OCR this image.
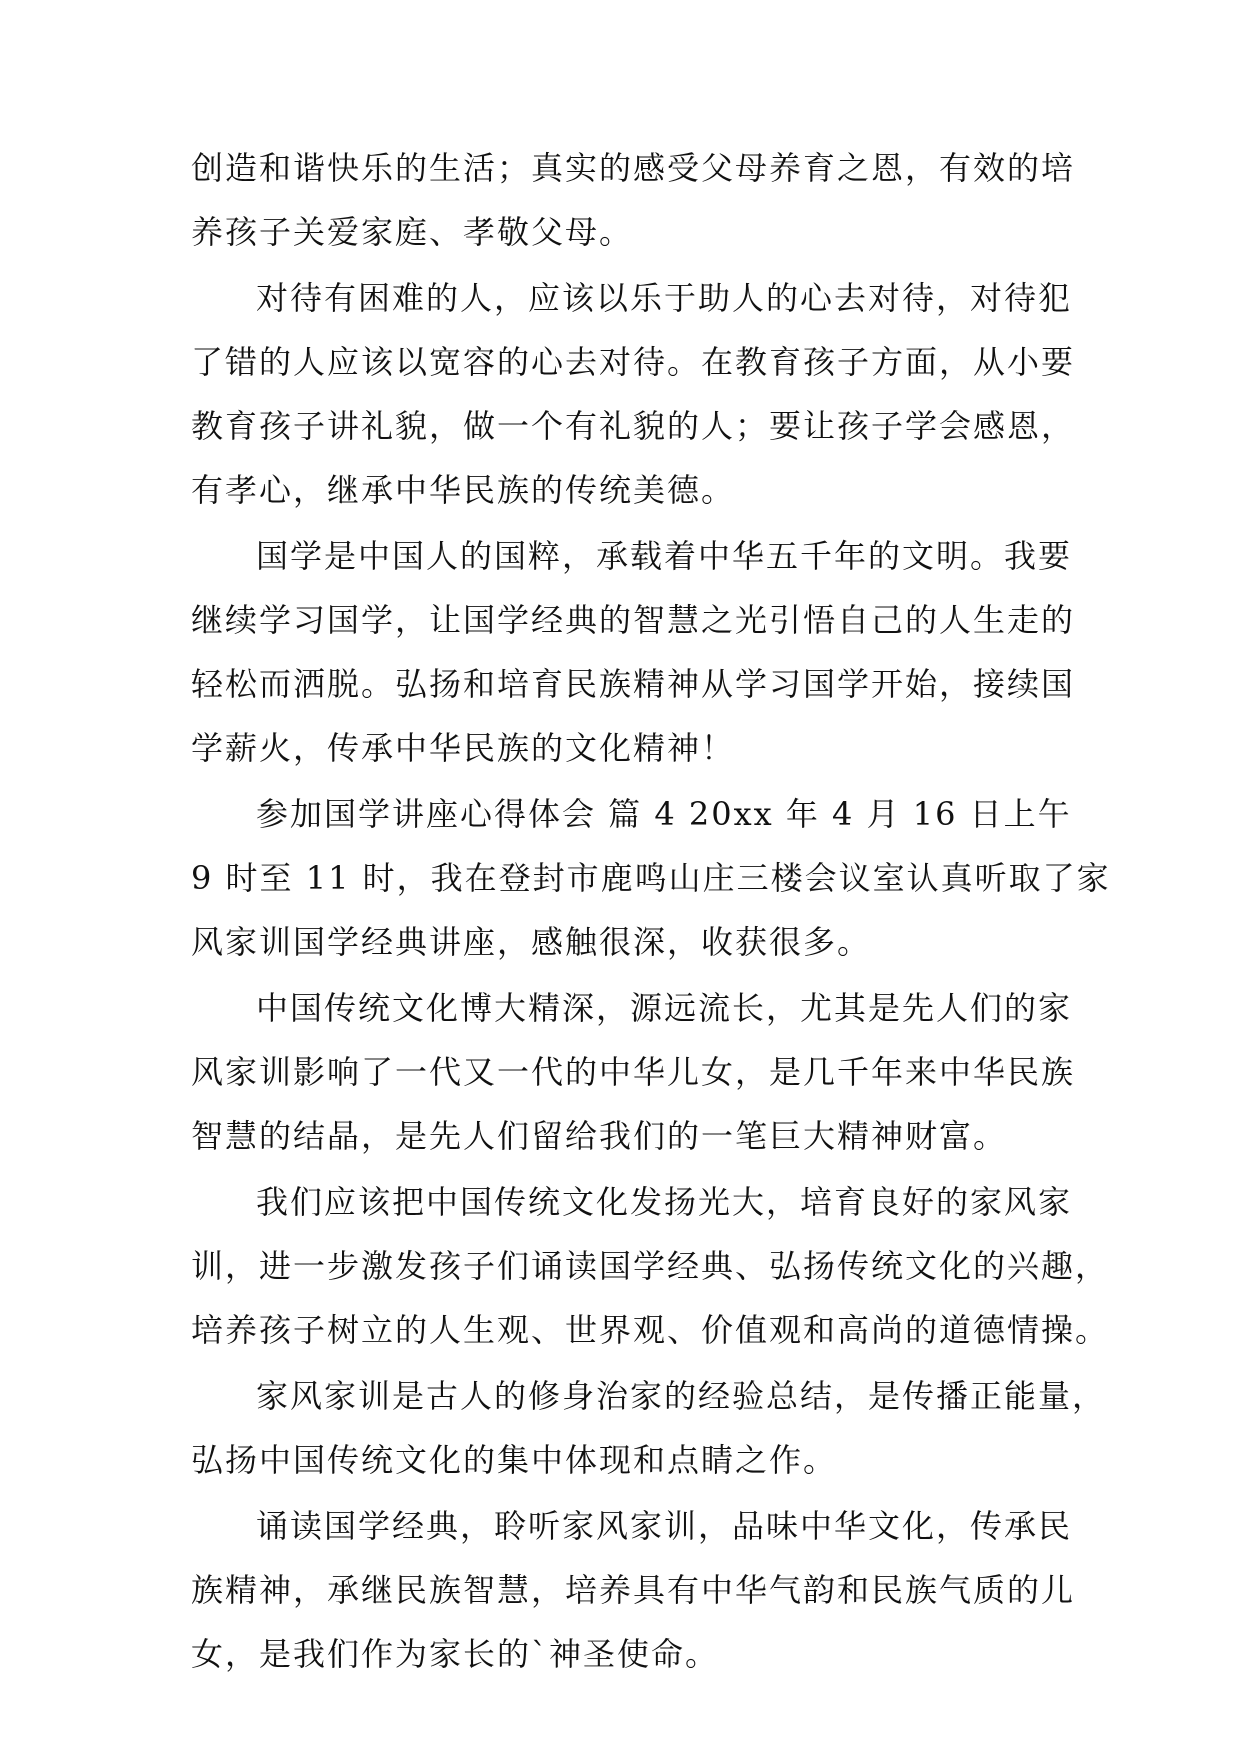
创造和谐快乐的生活；真实的感受父母养育之恩，有效的培
养孩子关爱家庭、孝敬父母。
对待有困难的人，应该以乐于助人的心去对待，对待犯
了错的人应该以宽容的心去对待。在教育孩子方面，从小要
教育孩子讲礼貌，做一个有礼貌的人；要让孩子学会感恩，
有孝心，继承中华民族的传统美德。
国学是中国人的国粹，承载着中华五千年的文明。我要
继续学习国学，让国学经典的智慧之光引悟自己的人生走的
轻松而洒脱。弘扬和培育民族精神从学习国学开始，接续国
学薪火，传承中华民族的文化精神！
参加国学讲座心得体会 篇 4 20xx 年 4 月 16 日上午
9 时至 11 时，我在登封市鹿鸣山庄三楼会议室认真听取了家
风家训国学经典讲座，感触很深，收获很多。
中国传统文化博大精深，源远流长，尤其是先人们的家
风家训影响了一代又一代的中华儿女，是几千年来中华民族
智慧的结晶，是先人们留给我们的一笔巨大精神财富。
我们应该把中国传统文化发扬光大，培育良好的家风家
训，进一步激发孩子们诵读国学经典、弘扬传统文化的兴趣，
培养孩子树立的人生观、世界观、价值观和高尚的道德情操。
家风家训是古人的修身治家的经验总结，是传播正能量，
弘扬中国传统文化的集中体现和点睛之作。
诵读国学经典，聆听家风家训，品味中华文化，传承民
族精神，承继民族智慧，培养具有中华气韵和民族气质的儿
女，是我们作为家长的`神圣使命。
